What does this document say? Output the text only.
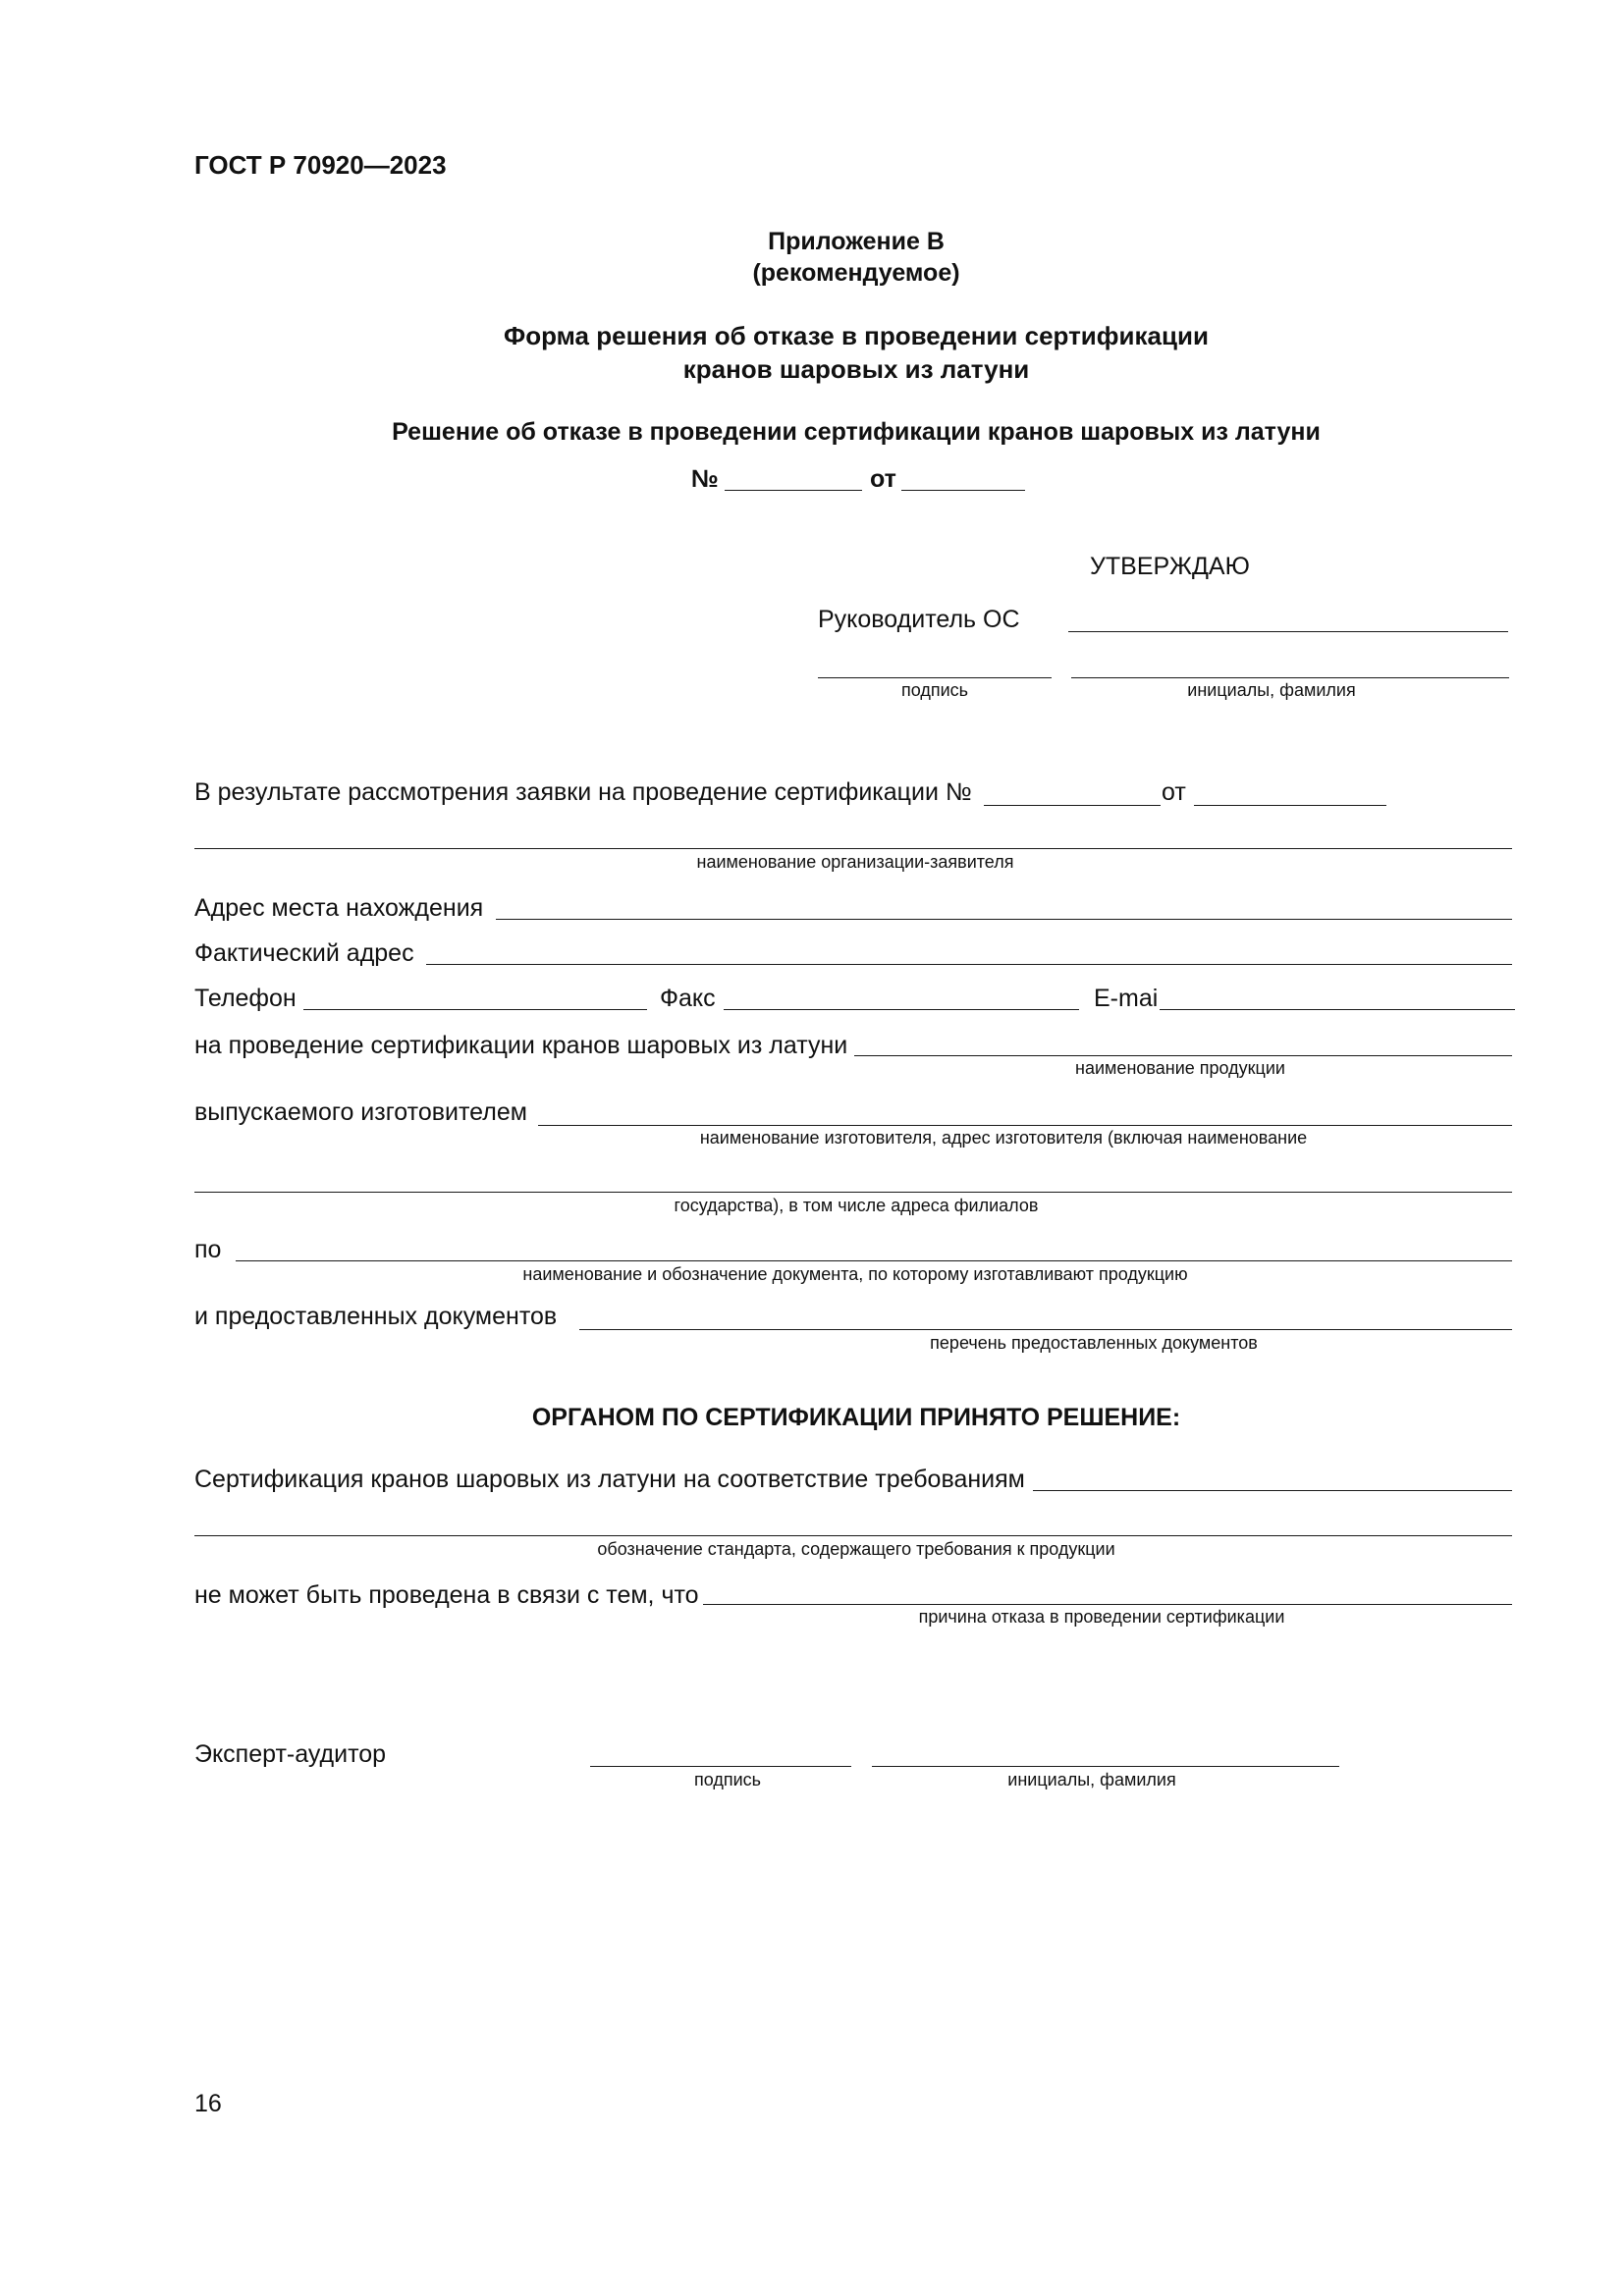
ГОСТ Р 70920—2023
Приложение В
(рекомендуемое)
Форма решения об отказе в проведении сертификации
кранов шаровых из латуни
Решение об отказе в проведении сертификации кранов шаровых из латуни
№	от
УТВЕРЖДАЮ
Руководитель ОС
подпись	инициалы, фамилия
В результате рассмотрения заявки на проведение сертификации №	от
наименование организации-заявителя
Адрес места нахождения
Фактический адрес
Телефон	Факс	E-mai
на проведение сертификации кранов шаровых из латуни
наименование продукции
выпускаемого изготовителем
наименование изготовителя, адрес изготовителя (включая наименование
государства), в том числе адреса филиалов
по
наименование и обозначение документа, по которому изготавливают продукцию
и предоставленных документов
перечень предоставленных документов
ОРГАНОМ ПО СЕРТИФИКАЦИИ ПРИНЯТО РЕШЕНИЕ:
Сертификация кранов шаровых из латуни на соответствие требованиям
обозначение стандарта, содержащего требования к продукции
не может быть проведена в связи с тем, что
причина отказа в проведении сертификации
Эксперт-аудитор
подпись	инициалы, фамилия
16
